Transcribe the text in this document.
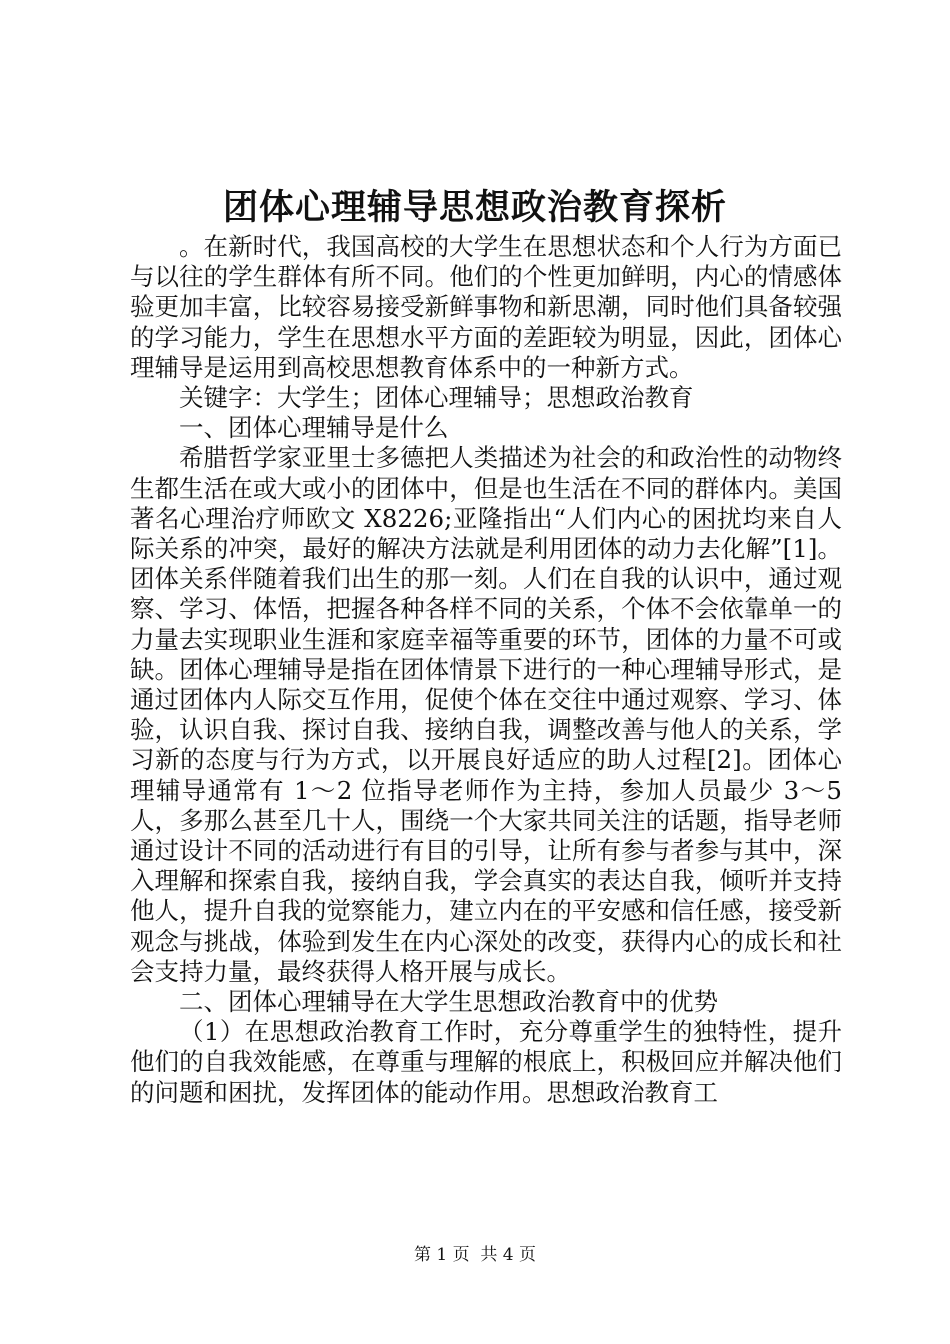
团体心理辅导思想政治教育探析

。在新时代，我国高校的大学生在思想状态和个人行为方面已与以往的学生群体有所不同。他们的个性更加鲜明，内心的情感体验更加丰富，比较容易接受新鲜事物和新思潮，同时他们具备较强的学习能力，学生在思想水平方面的差距较为明显，因此，团体心理辅导是运用到高校思想教育体系中的一种新方式。

关键字：大学生；团体心理辅导；思想政治教育

一、团体心理辅导是什么

希腊哲学家亚里士多德把人类描述为社会的和政治性的动物终生都生活在或大或小的团体中，但是也生活在不同的群体内。美国著名心理治疗师欧文 X8226;亚隆指出“人们内心的困扰均来自人际关系的冲突，最好的解决方法就是利用团体的动力去化解”[1]。团体关系伴随着我们出生的那一刻。人们在自我的认识中，通过观察、学习、体悟，把握各种各样不同的关系，个体不会依靠单一的力量去实现职业生涯和家庭幸福等重要的环节，团体的力量不可或缺。团体心理辅导是指在团体情景下进行的一种心理辅导形式，是通过团体内人际交互作用，促使个体在交往中通过观察、学习、体验，认识自我、探讨自我、接纳自我，调整改善与他人的关系，学习新的态度与行为方式，以开展良好适应的助人过程[2]。团体心理辅导通常有 1～2 位指导老师作为主持，参加人员最少 3～5 人，多那么甚至几十人，围绕一个大家共同关注的话题，指导老师通过设计不同的活动进行有目的引导，让所有参与者参与其中，深入理解和探索自我，接纳自我，学会真实的表达自我，倾听并支持他人，提升自我的觉察能力，建立内在的平安感和信任感，接受新观念与挑战，体验到发生在内心深处的改变，获得内心的成长和社会支持力量，最终获得人格开展与成长。

二、团体心理辅导在大学生思想政治教育中的优势

（1）在思想政治教育工作时，充分尊重学生的独特性，提升他们的自我效能感，在尊重与理解的根底上，积极回应并解决他们的问题和困扰，发挥团体的能动作用。思想政治教育工

第 1 页  共 4 页
